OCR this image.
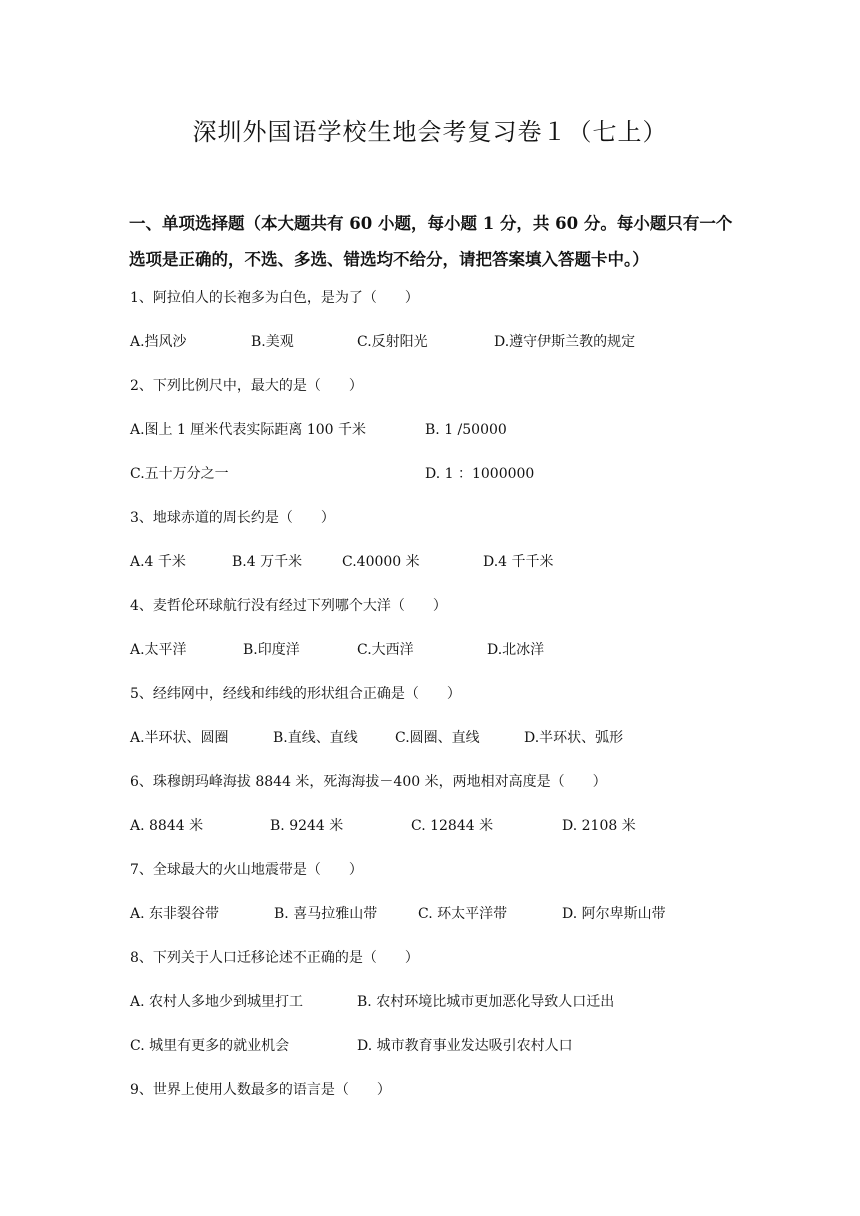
深圳外国语学校生地会考复习卷１（七上）

一、单项选择题（本大题共有 60 小题，每小题 1 分，共 60 分。每小题只有一个选项是正确的，不选、多选、错选均不给分，请把答案填入答题卡中。）

1、阿拉伯人的长袍多为白色，是为了（　　）
A.挡风沙	B.美观	C.反射阳光	D.遵守伊斯兰教的规定
2、下列比例尺中，最大的是（　　）
A.图上 1 厘米代表实际距离 100 千米	B. 1 /50000
C.五十万分之一	D. 1 ：1000000
3、地球赤道的周长约是（　　）
A.4 千米	B.4 万千米	C.40000 米	D.4 千千米
4、麦哲伦环球航行没有经过下列哪个大洋（　　）
A.太平洋	B.印度洋	C.大西洋	D.北冰洋
5、经纬网中，经线和纬线的形状组合正确是（　　）
A.半环状、圆圈	B.直线、直线	C.圆圈、直线	D.半环状、弧形
6、珠穆朗玛峰海拔 8844 米，死海海拔－400 米，两地相对高度是（　　）
A. 8844 米	B. 9244 米	C. 12844 米	D. 2108 米
7、全球最大的火山地震带是（　　）
A. 东非裂谷带	B. 喜马拉雅山带	C. 环太平洋带	D. 阿尔卑斯山带
8、下列关于人口迁移论述不正确的是（　　）
A. 农村人多地少到城里打工	B. 农村环境比城市更加恶化导致人口迁出
C. 城里有更多的就业机会	D. 城市教育事业发达吸引农村人口
9、世界上使用人数最多的语言是（　　）
